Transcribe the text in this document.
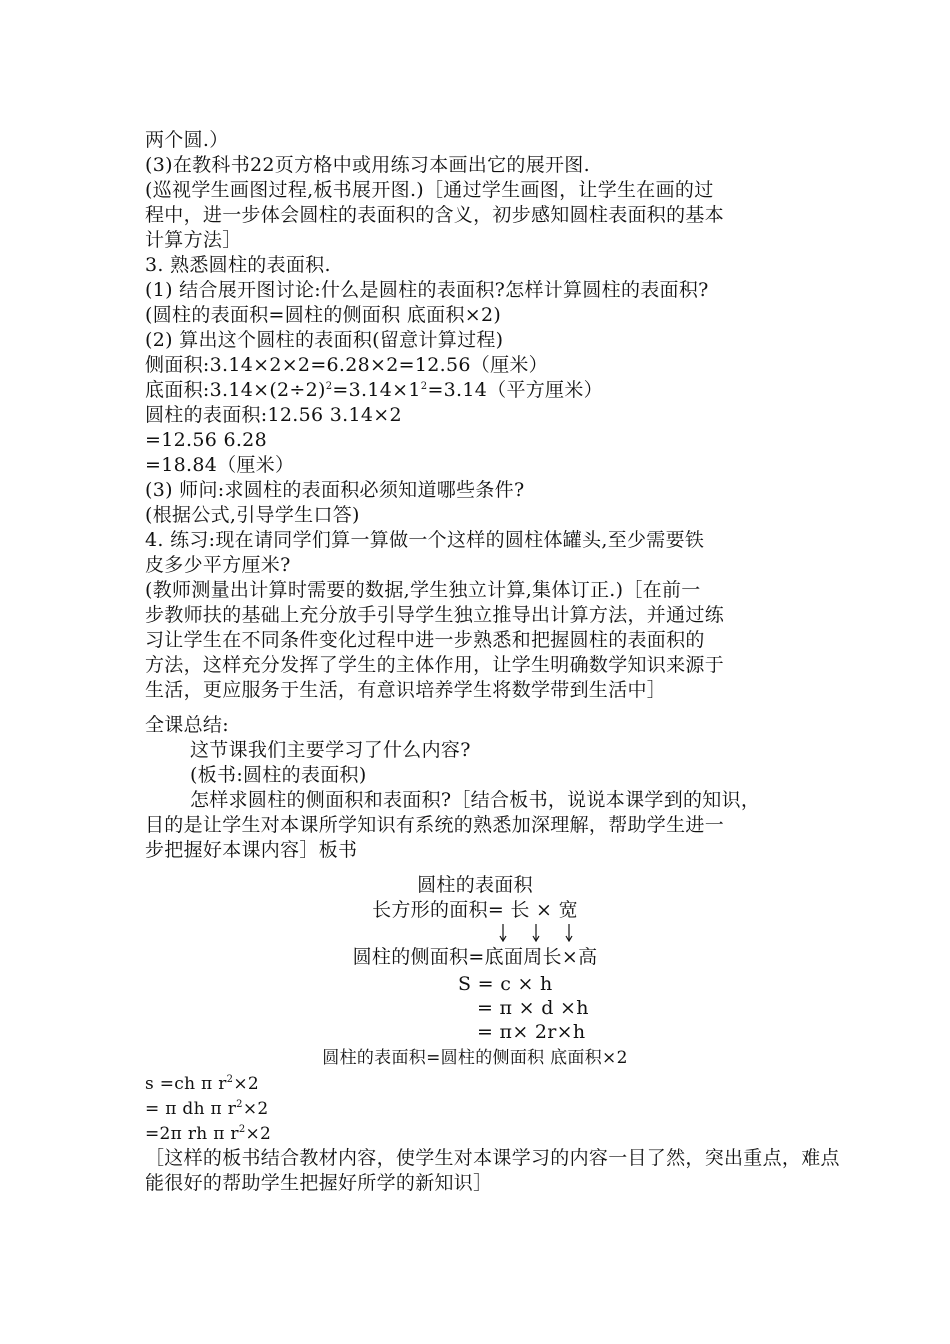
两个圆.）
(3)在教科书22页方格中或用练习本画出它的展开图.
(巡视学生画图过程,板书展开图.)［通过学生画图，让学生在画的过
程中，进一步体会圆柱的表面积的含义，初步感知圆柱表面积的基本
计算方法］
3. 熟悉圆柱的表面积.
(1) 结合展开图讨论:什么是圆柱的表面积?怎样计算圆柱的表面积?
(圆柱的表面积=圆柱的侧面积 底面积×2)
(2) 算出这个圆柱的表面积(留意计算过程)
侧面积:3.14×2×2=6.28×2=12.56（厘米）
底面积$:3.14\times(2\div 2)^2=3.14\times 1^2=3.14$（平方厘米）
圆柱的表面积:12.56 3.14×2
=12.56 6.28
=18.84（厘米）
(3) 师问:求圆柱的表面积必须知道哪些条件?
(根据公式,引导学生口答)
4. 练习:现在请同学们算一算做一个这样的圆柱体罐头,至少需要铁
皮多少平方厘米?
(教师测量出计算时需要的数据,学生独立计算,集体订正.)［在前一
步教师扶的基础上充分放手引导学生独立推导出计算方法，并通过练
习让学生在不同条件变化过程中进一步熟悉和把握圆柱的表面积的
方法，这样充分发挥了学生的主体作用，让学生明确数学知识来源于
生活，更应服务于生活，有意识培养学生将数学带到生活中］
全课总结:
这节课我们主要学习了什么内容?
(板书:圆柱的表面积)
怎样求圆柱的侧面积和表面积?［结合板书，说说本课学到的知识，
目的是让学生对本课所学知识有系统的熟悉加深理解，帮助学生进一
步把握好本课内容］板书
圆柱的表面积
长方形的面积= 长 × 宽
圆柱的侧面积=底面周长×高
S = c × h
= π × d ×h
= π× 2r×h
圆柱的表面积=圆柱的侧面积 底面积×2
s =ch π $r^2\times 2$
= π dh π $r^2\times 2$
=2π rh π $r^2\times 2$
［这样的板书结合教材内容，使学生对本课学习的内容一目了然，突出重点，难点
能很好的帮助学生把握好所学的新知识］
